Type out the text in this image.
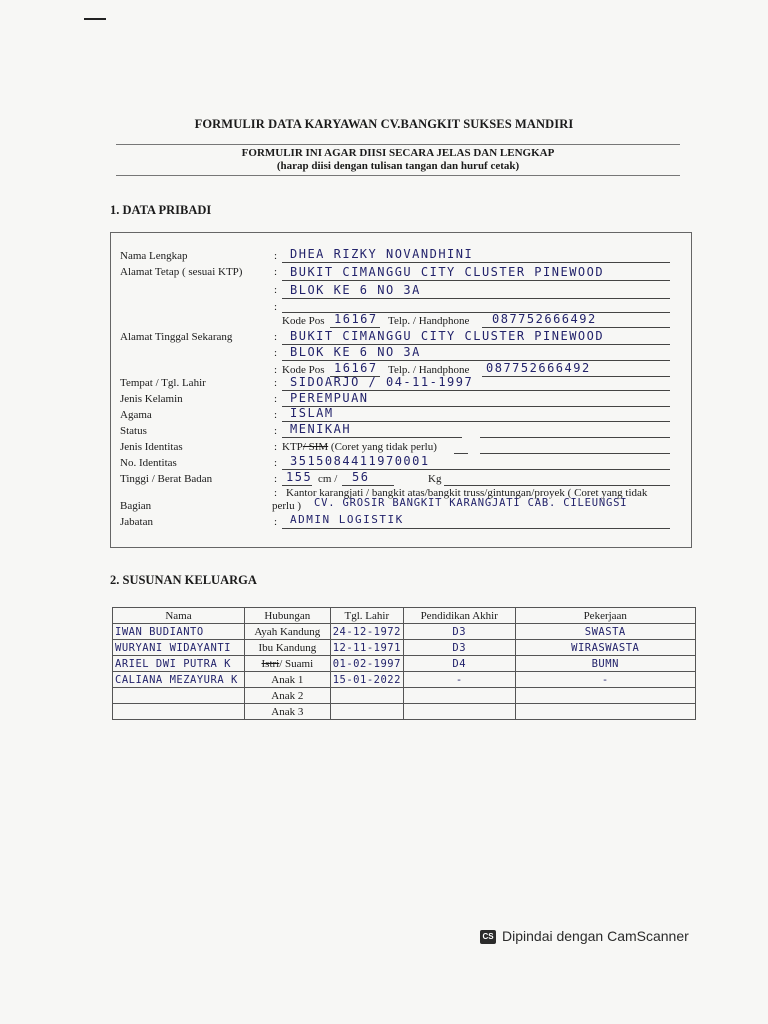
FORMULIR DATA KARYAWAN CV.BANGKIT SUKSES MANDIRI
FORMULIR INI AGAR DIISI SECARA JELAS DAN LENGKAP
(harap diisi dengan tulisan tangan dan huruf cetak)
1. DATA PRIBADI
Nama Lengkap	: DHEA RIZKY NOVANDHINI
Alamat Tetap ( sesuai KTP)	: BUKIT CIMANGGU CITY CLUSTER PINEWOOD
: BLOK KE 6 NO 3A
:
Kode Pos 16167 Telp. / Handphone 087752666492
Alamat Tinggal Sekarang	: BUKIT CIMANGGU CITY CLUSTER PINEWOOD
: BLOK KE 6 NO 3A
: Kode Pos 16167 Telp. / Handphone 087752666492
Tempat / Tgl. Lahir	: SIDOARJO / 04-11-1997
Jenis Kelamin	: PEREMPUAN
Agama	: ISLAM
Status	: MENIKAH
Jenis Identitas	: KTP/ SIM (Coret yang tidak perlu)
No. Identitas	: 3515084411970001
Tinggi / Berat Badan	: 155 cm / 56	Kg
: Kantor karangjati / bangkit atas/bangkit truss/gintungan/proyek ( Coret yang tidak
Bagian	perlu ) CV. GROSIR BANGKIT KARANGJATI CAB. CILEUNGSI
Jabatan	: ADMIN LOGISTIK
2. SUSUNAN KELUARGA
Nama	Hubungan	Tgl. Lahir	Pendidikan Akhir	Pekerjaan
IWAN BUDIANTO	Ayah Kandung	24-12-1972	D3	SWASTA
WURYANI WIDAYANTI	Ibu Kandung	12-11-1971	D3	WIRASWASTA
ARIEL DWI PUTRA K	Istri/ Suami	01-02-1997	D4	BUMN
CALIANA MEZAYURA K	Anak 1	15-01-2022	-	-
	Anak 2			
	Anak 3			
CS Dipindai dengan CamScanner
